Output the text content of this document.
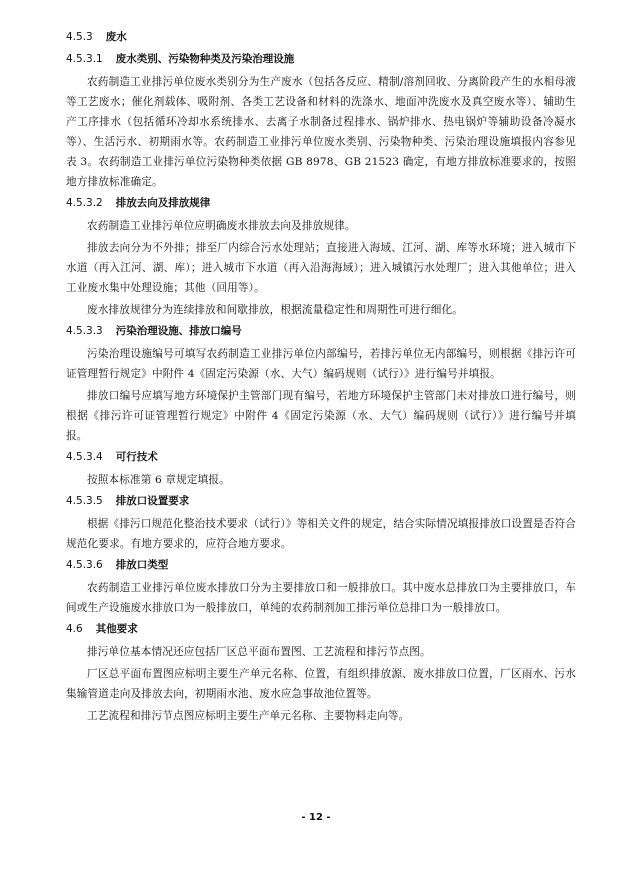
4.5.3 废水
4.5.3.1 废水类别、污染物种类及污染治理设施

农药制造工业排污单位废水类别分为生产废水（包括各反应、精制/溶剂回收、分离阶段产生的水相母液等工艺废水；催化剂载体、吸附剂、各类工艺设备和材料的洗涤水、地面冲洗废水及真空废水等）、辅助生产工序排水（包括循环冷却水系统排水、去离子水制备过程排水、锅炉排水、热电锅炉等辅助设备冷凝水等）、生活污水、初期雨水等。农药制造工业排污单位废水类别、污染物种类、污染治理设施填报内容参见表 3。农药制造工业排污单位污染物种类依据 GB 8978、GB 21523 确定，有地方排放标准要求的，按照地方排放标准确定。

4.5.3.2 排放去向及排放规律

农药制造工业排污单位应明确废水排放去向及排放规律。

排放去向分为不外排；排至厂内综合污水处理站；直接进入海域、江河、湖、库等水环境；进入城市下水道（再入江河、湖、库）；进入城市下水道（再入沿海海域）；进入城镇污水处理厂；进入其他单位；进入工业废水集中处理设施；其他（回用等）。

废水排放规律分为连续排放和间歇排放，根据流量稳定性和周期性可进行细化。

4.5.3.3 污染治理设施、排放口编号

污染治理设施编号可填写农药制造工业排污单位内部编号，若排污单位无内部编号，则根据《排污许可证管理暂行规定》中附件 4《固定污染源（水、大气）编码规则（试行）》进行编号并填报。

排放口编号应填写地方环境保护主管部门现有编号，若地方环境保护主管部门未对排放口进行编号，则根据《排污许可证管理暂行规定》中附件 4《固定污染源（水、大气）编码规则（试行）》进行编号并填报。

4.5.3.4 可行技术

按照本标准第 6 章规定填报。

4.5.3.5 排放口设置要求

根据《排污口规范化整治技术要求（试行）》等相关文件的规定，结合实际情况填报排放口设置是否符合规范化要求。有地方要求的，应符合地方要求。

4.5.3.6 排放口类型

农药制造工业排污单位废水排放口分为主要排放口和一般排放口。其中废水总排放口为主要排放口，车间或生产设施废水排放口为一般排放口，单纯的农药制剂加工排污单位总排口为一般排放口。

4.6 其他要求

排污单位基本情况还应包括厂区总平面布置图、工艺流程和排污节点图。

厂区总平面布置图应标明主要生产单元名称、位置，有组织排放源、废水排放口位置，厂区雨水、污水集输管道走向及排放去向，初期雨水池、废水应急事故池位置等。

工艺流程和排污节点图应标明主要生产单元名称、主要物料走向等。

- 12 -
